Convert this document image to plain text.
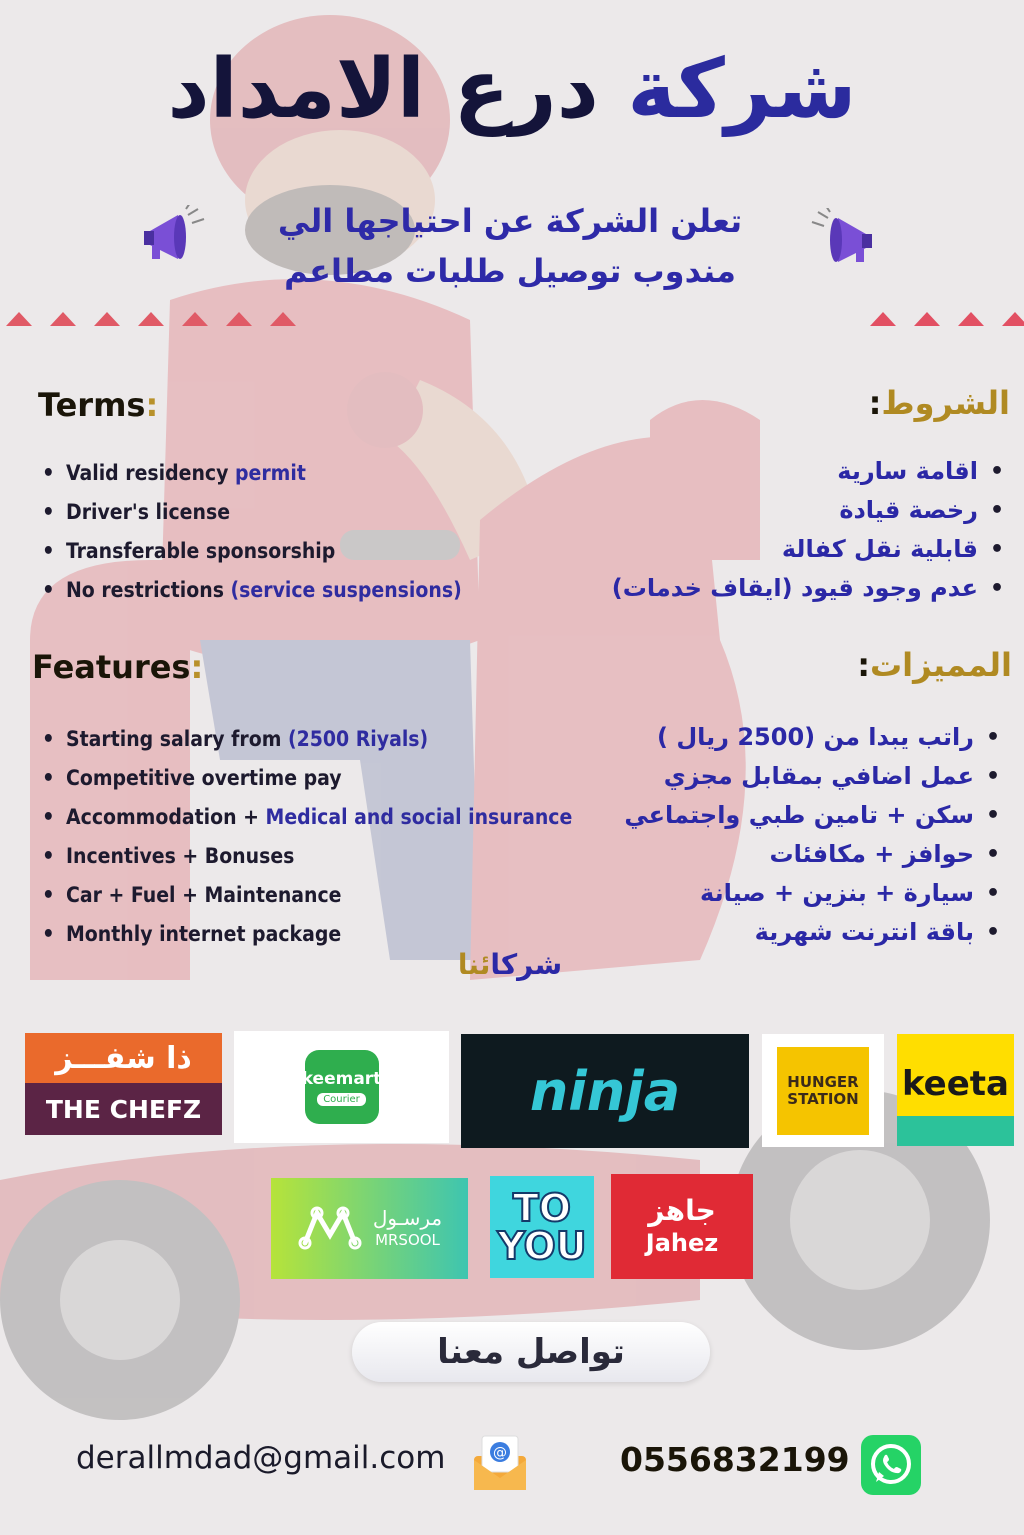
شركة درع الامداد
تعلن الشركة عن احتياجها الي
مندوب توصيل طلبات مطاعم
Terms:
• Valid residency permit
• Driver's license
• Transferable sponsorship
• No restrictions (service suspensions)
الشروط:
• اقامة سارية
• رخصة قيادة
• قابلية نقل كفالة
• عدم وجود قيود (ايقاف خدمات)
Features:
• Starting salary from (2500 Riyals)
• Competitive overtime pay
• Accommodation + Medical and social insurance
• Incentives + Bonuses
• Car + Fuel + Maintenance
• Monthly internet package
المميزات:
• راتب يبدا من (2500 ريال )
• عمل اضافي بمقابل مجزي
• سكن + تامين طبي واجتماعي
• حوافز + مكافئات
• سيارة + بنزين + صيانة
• باقة انترنت شهرية
شركائنا
ذا شفـــز
THE CHEFZ
keemart
Courier	ninja	HUNGER
STATION keeta
مرسـول
MRSOOL
TO
YOU
جاهز
Jahez
تواصل معنا
derallmdad@gmail.com	@	0556832199
